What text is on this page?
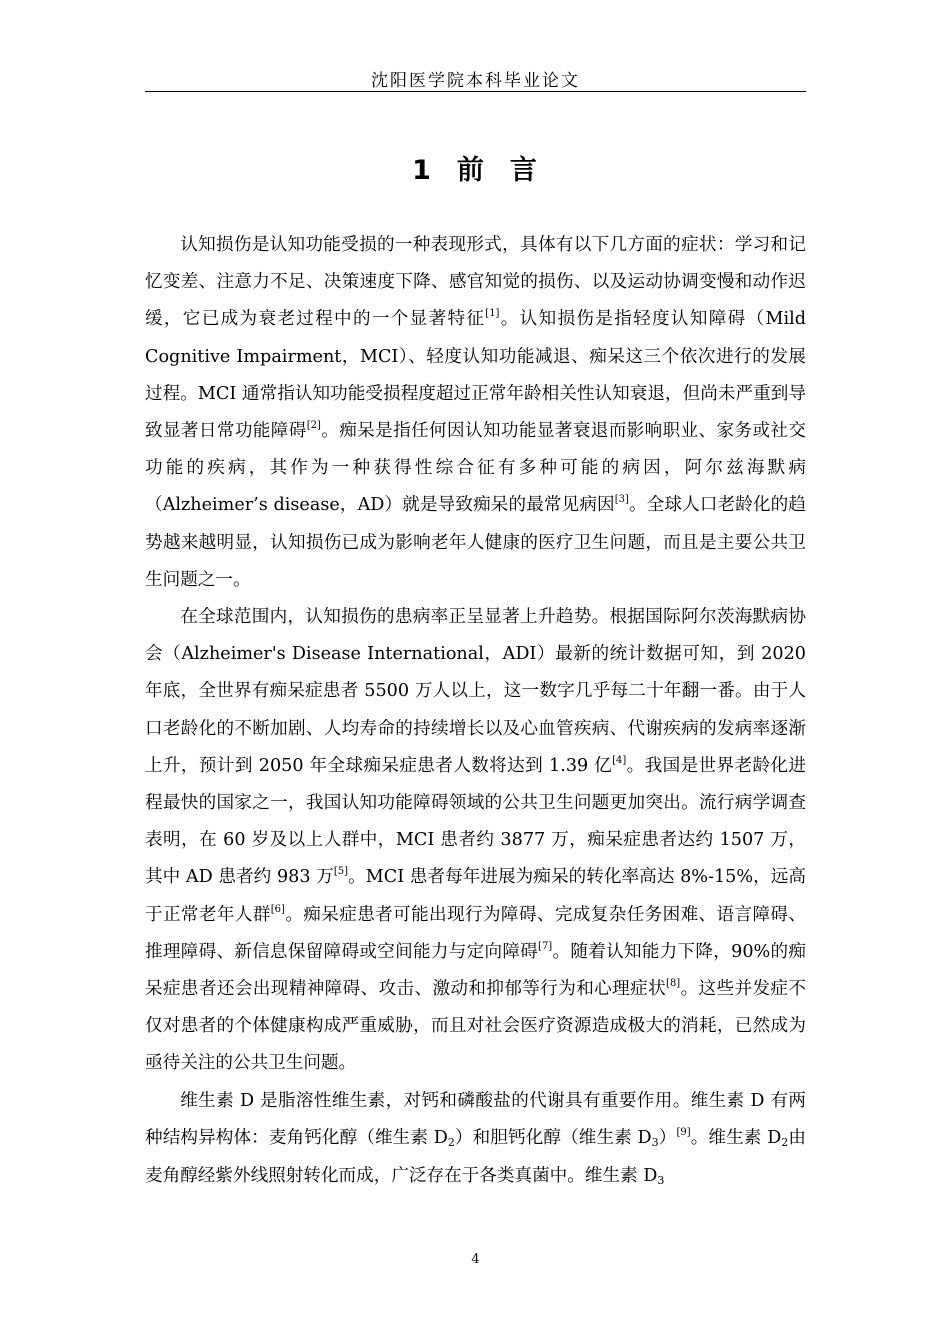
沈阳医学院本科毕业论文
1 前 言

认知损伤是认知功能受损的一种表现形式，具体有以下几方面的症状：学习和记忆变差、注意力不足、决策速度下降、感官知觉的损伤、以及运动协调变慢和动作迟缓，它已成为衰老过程中的一个显著特征[1]。认知损伤是指轻度认知障碍（Mild Cognitive Impairment，MCI）、轻度认知功能减退、痴呆这三个依次进行的发展过程。MCI 通常指认知功能受损程度超过正常年龄相关性认知衰退，但尚未严重到导致显著日常功能障碍[2]。痴呆是指任何因认知功能显著衰退而影响职业、家务或社交功能的疾病，其作为一种获得性综合征有多种可能的病因，阿尔兹海默病（Alzheimer’s disease，AD）就是导致痴呆的最常见病因[3]。全球人口老龄化的趋势越来越明显，认知损伤已成为影响老年人健康的医疗卫生问题，而且是主要公共卫生问题之一。

在全球范围内，认知损伤的患病率正呈显著上升趋势。根据国际阿尔茨海默病协会（Alzheimer's Disease International，ADI）最新的统计数据可知，到 2020 年底，全世界有痴呆症患者 5500 万人以上，这一数字几乎每二十年翻一番。由于人口老龄化的不断加剧、人均寿命的持续增长以及心血管疾病、代谢疾病的发病率逐渐上升，预计到 2050 年全球痴呆症患者人数将达到 1.39 亿[4]。我国是世界老龄化进程最快的国家之一，我国认知功能障碍领域的公共卫生问题更加突出。流行病学调查表明，在 60 岁及以上人群中，MCI 患者约 3877 万，痴呆症患者达约 1507 万，其中 AD 患者约 983 万[5]。MCI 患者每年进展为痴呆的转化率高达 8%-15%，远高于正常老年人群[6]。痴呆症患者可能出现行为障碍、完成复杂任务困难、语言障碍、推理障碍、新信息保留障碍或空间能力与定向障碍[7]。随着认知能力下降，90%的痴呆症患者还会出现精神障碍、攻击、激动和抑郁等行为和心理症状[8]。这些并发症不仅对患者的个体健康构成严重威胁，而且对社会医疗资源造成极大的消耗，已然成为亟待关注的公共卫生问题。

维生素 D 是脂溶性维生素，对钙和磷酸盐的代谢具有重要作用。维生素 D 有两种结构异构体：麦角钙化醇（维生素 $D_2$）和胆钙化醇（维生素 $D_3)[9]$。维生素 $D_2$由麦角醇经紫外线照射转化而成，广泛存在于各类真菌中。维生素 $D_3$

4
